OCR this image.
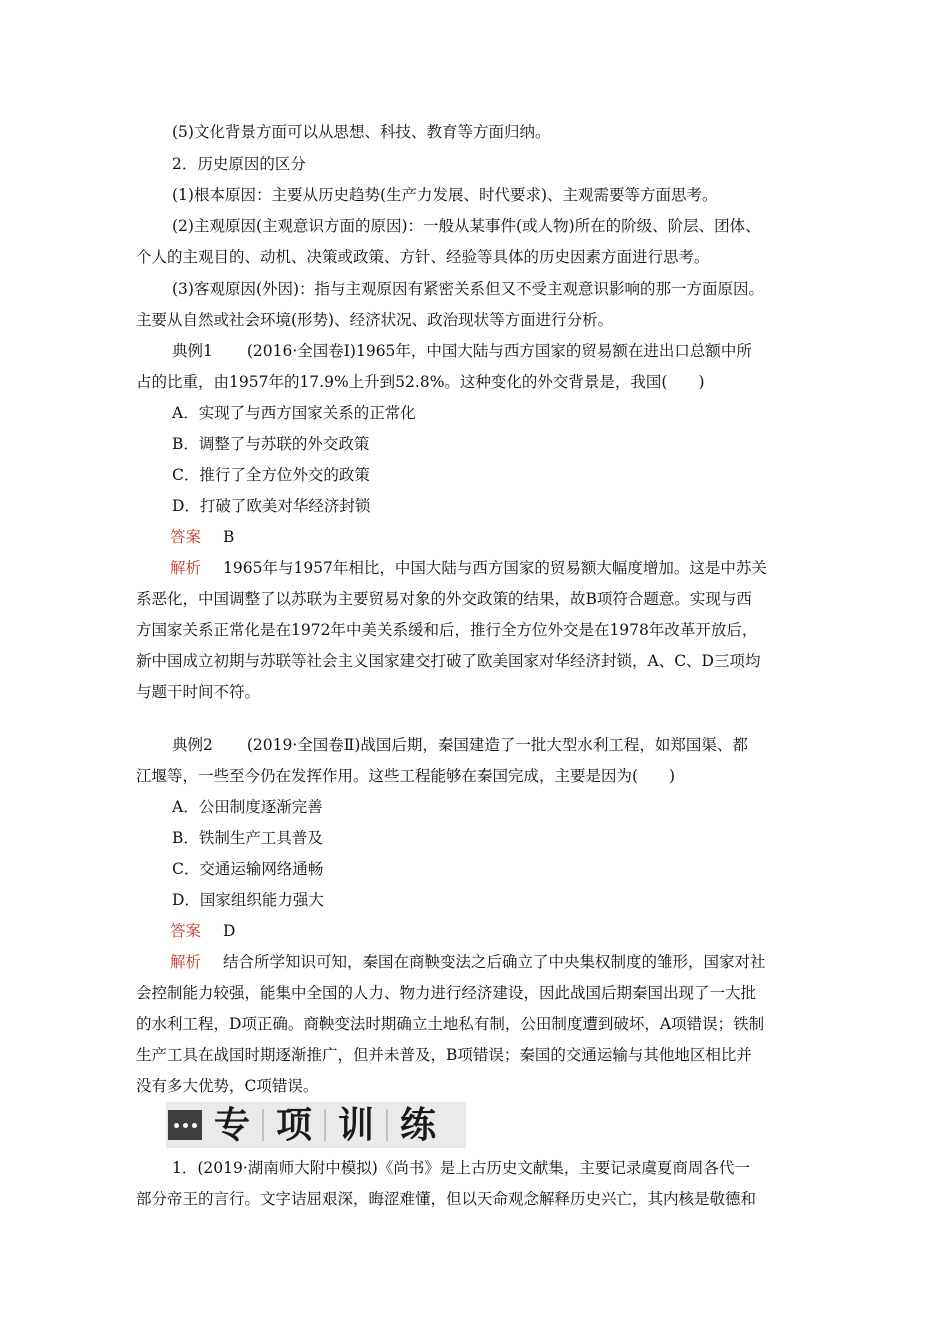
(5)文化背景方面可以从思想、科技、教育等方面归纳。
2．历史原因的区分
(1)根本原因：主要从历史趋势(生产力发展、时代要求)、主观需要等方面思考。
(2)主观原因(主观意识方面的原因)：一般从某事件(或人物)所在的阶级、阶层、团体、
个人的主观目的、动机、决策或政策、方针、经验等具体的历史因素方面进行思考。
(3)客观原因(外因)：指与主观原因有紧密关系但又不受主观意识影响的那一方面原因。
主要从自然或社会环境(形势)、经济状况、政治现状等方面进行分析。
典例1 (2016·全国卷Ⅰ)1965年，中国大陆与西方国家的贸易额在进出口总额中所
占的比重，由1957年的17.9%上升到52.8%。这种变化的外交背景是，我国(　　)
A．实现了与西方国家关系的正常化
B．调整了与苏联的外交政策
C．推行了全方位外交的政策
D．打破了欧美对华经济封锁
答案 B
解析 1965年与1957年相比，中国大陆与西方国家的贸易额大幅度增加。这是中苏关
系恶化，中国调整了以苏联为主要贸易对象的外交政策的结果，故B项符合题意。实现与西
方国家关系正常化是在1972年中美关系缓和后，推行全方位外交是在1978年改革开放后，
新中国成立初期与苏联等社会主义国家建交打破了欧美国家对华经济封锁，A、C、D三项均
与题干时间不符。
典例2 (2019·全国卷Ⅱ)战国后期，秦国建造了一批大型水利工程，如郑国渠、都
江堰等，一些至今仍在发挥作用。这些工程能够在秦国完成，主要是因为(　　)
A．公田制度逐渐完善
B．铁制生产工具普及
C．交通运输网络通畅
D．国家组织能力强大
答案 D
解析 结合所学知识可知，秦国在商鞅变法之后确立了中央集权制度的雏形，国家对社
会控制能力较强，能集中全国的人力、物力进行经济建设，因此战国后期秦国出现了一大批
的水利工程，D项正确。商鞅变法时期确立土地私有制，公田制度遭到破坏，A项错误；铁制
生产工具在战国时期逐渐推广，但并未普及，B项错误；秦国的交通运输与其他地区相比并
没有多大优势，C项错误。
专 项 训 练
1．(2019·湖南师大附中模拟)《尚书》是上古历史文献集，主要记录虞夏商周各代一
部分帝王的言行。文字诘屈艰深，晦涩难懂，但以天命观念解释历史兴亡，其内核是敬德和
